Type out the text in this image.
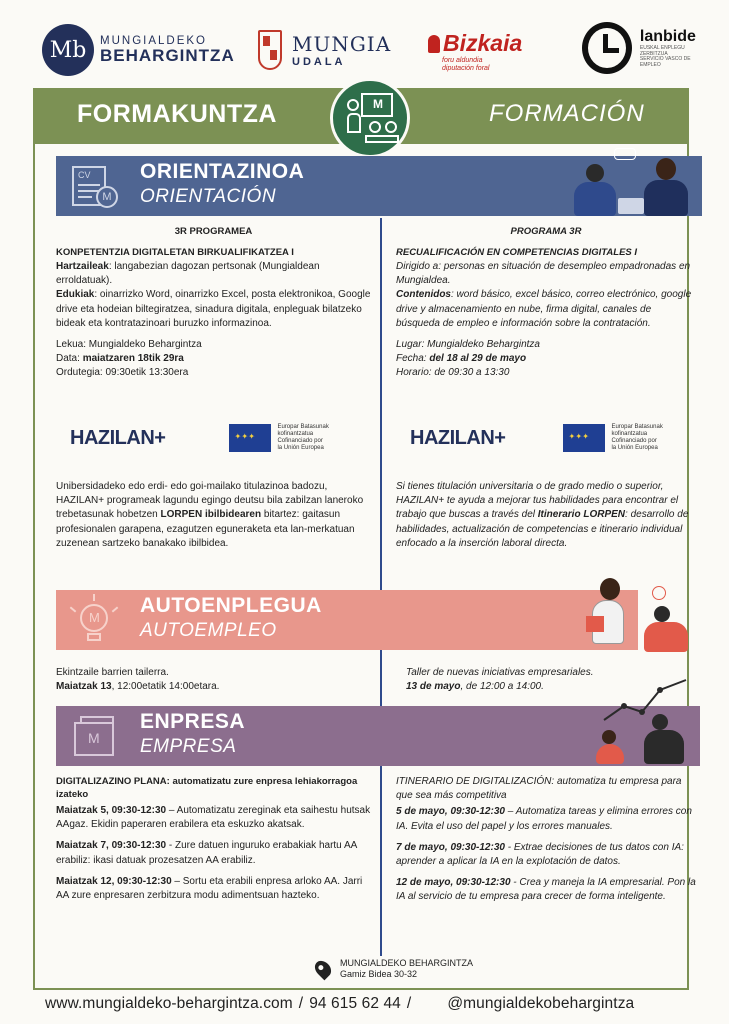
Mb	MUNGIALDEKO
BEHARGINTZA	MUNGIA
UDALA
Bizkaia
foru aldundia
diputación foral
lanbide
EUSKAL ENPLEGU ZERBITZUA
SERVICIO VASCO DE EMPLEO
FORMAKUNTZA	FORMACIÓN
M
CV
M
ORIENTAZINOA
ORIENTACIÓN
3R PROGRAMEA
KONPETENTZIA DIGITALETAN BIRKUALIFIKATZEA I

Hartzaileak: langabezian dagozan pertsonak (Mungialdean erroldatuak).

Edukiak: oinarrizko Word, oinarrizko Excel, posta elektronikoa, Google drive eta hodeian biltegiratzea, sinadura digitala, enpleguak bilatzeko bideak eta kontratazinoari buruzko informazinoa.

Lekua: Mungialdeko Behargintza
Data: maiatzaren 18tik 29ra
Ordutegia: 09:30etik 13:30era
PROGRAMA 3R
RECUALIFICACIÓN EN COMPETENCIAS DIGITALES I

Dirigido a: personas en situación de desempleo empadronadas en Mungialdea.

Contenidos: word básico, excel básico, correo electrónico, google drive y almacenamiento en nube, firma digital, canales de búsqueda de empleo e información sobre la contratación.

Lugar: Mungialdeko Behargintza
Fecha: del 18 al 29 de mayo
Horario: de 09:30 a 13:30
HAZILAN+ ✦ ✦ ✦	Europar Batasunak
kofinantzatua
Cofinanciado por
la Unión Europea	HAZILAN+ ✦ ✦ ✦	Europar Batasunak
kofinantzatua
Cofinanciado por
la Unión Europea

Unibersidadeko edo erdi- edo goi-mailako titulazinoa badozu, HAZILAN+ programeak lagundu egingo deutsu bila zabilzan laneroko trebetasunak hobetzen LORPEN ibilbidearen bitartez: gaitasun profesionalen garapena, ezagutzen eguneraketa eta lan-merkatuan zuzenean sartzeko banakako ibilbidea.

Si tienes titulación universitaria o de grado medio o superior, HAZILAN+ te ayuda a mejorar tus habilidades para encontrar el trabajo que buscas a través del Itinerario LORPEN: desarrollo de habilidades, actualización de competencias e itinerario individual enfocado a la inserción laboral directa.

M
AUTOENPLEGUA
AUTOEMPLEO
Ekintzaile barrien tailerra.
Maiatzak 13, 12:00etatik 14:00etara.
Taller de nuevas iniciativas empresariales.
13 de mayo, de 12:00 a 14:00.
M
ENPRESA
EMPRESA

DIGITALIZAZINO PLANA: automatizatu zure enpresa lehiakorragoa izateko

Maiatzak 5, 09:30-12:30 – Automatizatu zereginak eta saihestu hutsak AAgaz. Ekidin paperaren erabilera eta eskuzko akatsak.

Maiatzak 7, 09:30-12:30 - Zure datuen inguruko erabakiak hartu AA erabiliz: ikasi datuak prozesatzen AA erabiliz.

Maiatzak 12, 09:30-12:30 – Sortu eta erabili enpresa arloko AA. Jarri AA zure enpresaren zerbitzura modu adimentsuan hazteko.

ITINERARIO DE DIGITALIZACIÓN: automatiza tu empresa para que sea más competitiva

5 de mayo, 09:30-12:30 – Automatiza tareas y elimina errores con IA. Evita el uso del papel y los errores manuales.

7 de mayo, 09:30-12:30 - Extrae decisiones de tus datos con IA: aprender a aplicar la IA en la explotación de datos.

12 de mayo, 09:30-12:30 - Crea y maneja la IA empresarial. Pon la IA al servicio de tu empresa para crecer de forma inteligente.

MUNGIALDEKO BEHARGINTZA
Gamiz Bidea 30-32
www.mungialdeko-behargintza.com / 94 615 62 44 / @mungialdekobehargintza
